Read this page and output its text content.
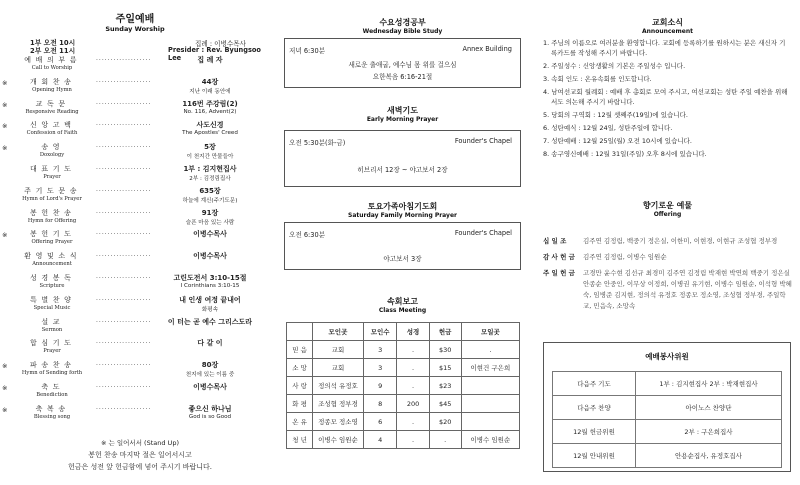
주일예배
Sunday Worship
1부 오전 10시
2부 오전 11시
집례 : 이병수목사
Presider : Rev. Byungsoo Lee
예 배 의 부 름
Call to Worship
···················	집 례 자
※	개 회 찬 송
Opening Hymn
···················	44장
지난 이래 동안에
※	교 독 문
Responsive Reading
···················	116번 주강림(2)
No. 116, Advent(2)
※	신 앙 고 백
Confession of Faith
···················	사도신경
The Apostles' Creed
※	송 영
Doxology
···················	5장
이 천지간 만물들아
대 표 기 도
Prayer
···················	1부 : 김지현집사
2부 : 김정림집사
주 기 도 문 송
Hymn of Lord's Prayer
···················	635장
하늘에 계신(주기도문)
봉 헌 찬 송
Hymn for Offering
···················	91장
슬픈 마음 있는 사람
※	봉 헌 기 도
Offering Prayer
···················	이병수목사
환 영 및 소 식
Announcement
···················	이병수목사
성 경 봉 독
Scripture
···················	고린도전서 3:10-15절
I Corinthians 3:10-15
특 별 찬 양
Special Music
···················	내 인생 여정 끝내어
화평속
설 교
Sermon
···················	이 터는 곧 예수 그리스도라
합 심 기 도
Prayer
···················	다 같 이
※	파 송 찬 송
Hymn of Sending forth
···················	80장
천지에 있는 이름 중
※	축 도
Benediction
···················	이병수목사
※	축 복 송
Blessing song
···················	좋으신 하나님
God is so Good
※ 는 일어서서 (Stand Up)
봉헌 찬송 마지막 절은 일어서시고
헌금은 성전 앞 헌금함에 넣어 주시기 바랍니다.
수요성경공부
Wednesday Bible Study
저녁 6:30분	Annex Building
새로운 출애굽, 예수님 몸 위를 걸으심
요한복음 6:16-21절
새벽기도
Early Morning Prayer
오전 5:30분(화-금)	Founder's Chapel
히브리서 12장 ~ 야고보서 2장
토요가족아침기도회
Saturday Family Morning Prayer
오전 6:30분	Founder's Chapel
야고보서 3장
속회보고
Class Meeting
	모인곳	모인수	성경	헌금	모일곳
믿 음	교회	3	.	$30	.
소 망	교회	3	.	$15	이현건 구은희
사 랑	정의석 유정호	9	.	$23	
화 평	조성협 정부경	8	200	$45	
온 유	정종모 정소영	6	.	$20	
청 년	이병수 임원순	4	.	.	이병수 임원순
교회소식
Announcement
1. 주님의 이름으로 여러분을 환영합니다. 교회에 등록하기를 원하시는 분은 새신자 기록카드를 작성해 주시기 바랍니다.
2. 주일성수 : 신앙생활의 기본은 주일성수 입니다.
3. 속회 인도 : 온유속회를 인도합니다.
4. 남여선교회 월례회 : 예배 후 총회로 모여 주시고, 여선교회는 성탄 주일 예찬을 위해서도 의논해 주시기 바랍니다.
5. 당회의 구역회 : 12월 셋째주(19일)에 있습니다.
6. 성탄예식 : 12월 24일, 성탄주일에 합니다.
7. 성탄예배 : 12월 25일(월) 오전 10시에 있습니다.
8. 송구영신예배 : 12월 31일(주일) 오후 8시에 있습니다.
향기로운 예물
Offering
십 일 조	김주연 김정림, 백중기 정은실, 이한미, 이현경, 이현규 조성협 정부경
감 사 헌 금	김주연 김정림, 이병수 임원순
주 일 헌 금	고경만 윤수현 김선규 최경미 김주연 김정림 박재현 박연희 백중기 정은실 안종순 안중인, 이무상 이정희, 이병권 유기현, 이병수 임원순, 이석형 박혜숙, 임병준 김지현, 정의석 유정호 정종모 정소영, 조성협 정부경, 주일학교, 민음속, 소망속
예배봉사위원
다음주 기도	1부 : 김지현집사 2부 : 박재현집사
다음주 찬양	아이노스 찬양단
12월 헌금위원	2부 : 구은희집사
12월 안내위원	안용순집사, 유정호집사
